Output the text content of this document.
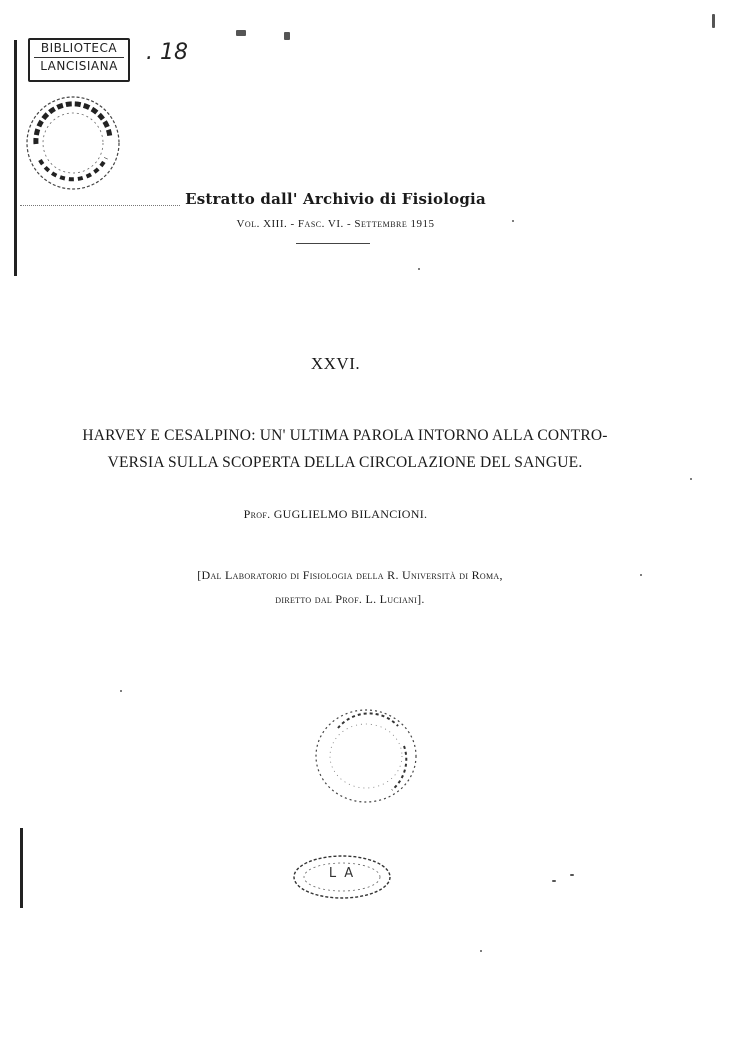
BIBLIOTECA
LANCISIANA
. 18
Estratto dall' Archivio di Fisiologia
Vol. XIII. - Fasc. VI. - Settembre 1915
XXVI.
HARVEY E CESALPINO: UN' ULTIMA PAROLA INTORNO ALLA CONTRO-
VERSIA SULLA SCOPERTA DELLA CIRCOLAZIONE DEL SANGUE.
Prof. GUGLIELMO BILANCIONI.
[Dal Laboratorio di Fisiologia della R. Università di Roma,
diretto dal Prof. L. Luciani].
L A
